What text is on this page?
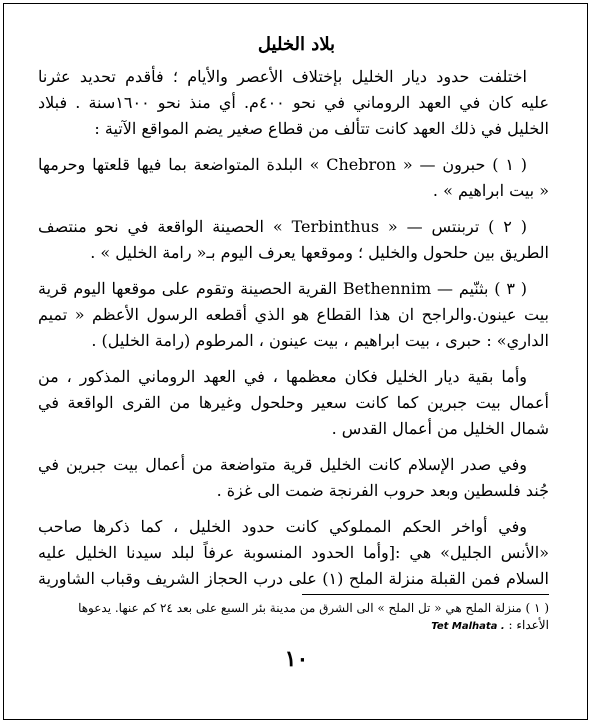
بلاد الخليل
اختلفت حدود ديار الخليل بإختلاف الأعصر والأيام ؛ فأقدم تحديد عثرنا
عليه كان في العهد الروماني في نحو ٤٠٠م. أي منذ نحو ١٦٠٠سنة . فبلاد
الخليل في ذلك العهد كانت تتألف من قطاع صغير يضم المواقع الآتية :
( ١ ) حبرون — « Chebron » البلدة المتواضعة بما فيها قلعتها وحرمها
« بيت ابراهيم » .
( ٢ ) تربنتس — « Terbinthus » الحصينة الواقعة في نحو منتصف
الطريق بين حلحول والخليل ؛ وموقعها يعرف اليوم بـ« رامة الخليل » .
( ٣ ) بثنّيم — Bethennim القرية الحصينة وتقوم على موقعها اليوم قرية
بيت عينون.والراجح ان هذا القطاع هو الذي أقطعه الرسول الأعظم « تميم
الداري» : حبرى ، بيت ابراهيم ، بيت عينون ، المرطوم (رامة الخليل) .
وأما بقية ديار الخليل فكان معظمها ، في العهد الروماني المذكور ، من
أعمال بيت جبرين كما كانت سعير وحلحول وغيرها من القرى الواقعة في
شمال الخليل من أعمال القدس .
وفي صدر الإسلام كانت الخليل قرية متواضعة من أعمال بيت جبرين في
جُند فلسطين وبعد حروب الفرنجة ضمت الى غزة .
وفي أواخر الحكم المملوكي كانت حدود الخليل ، كما ذكرها صاحب
«الأنس الجليل» هي :[وأما الحدود المنسوبة عرفاً لبلد سيدنا الخليل عليه
السلام فمن القبلة منزلة الملح (١) على درب الحجاز الشريف وقباب الشاورية
( ١ ) منزلة الملح هي « تل الملح » الى الشرق من مدينة بئر السبع على بعد ٢٤ كم عنها. يدعوها
الأعداء : Tet Malhata .
١٠
